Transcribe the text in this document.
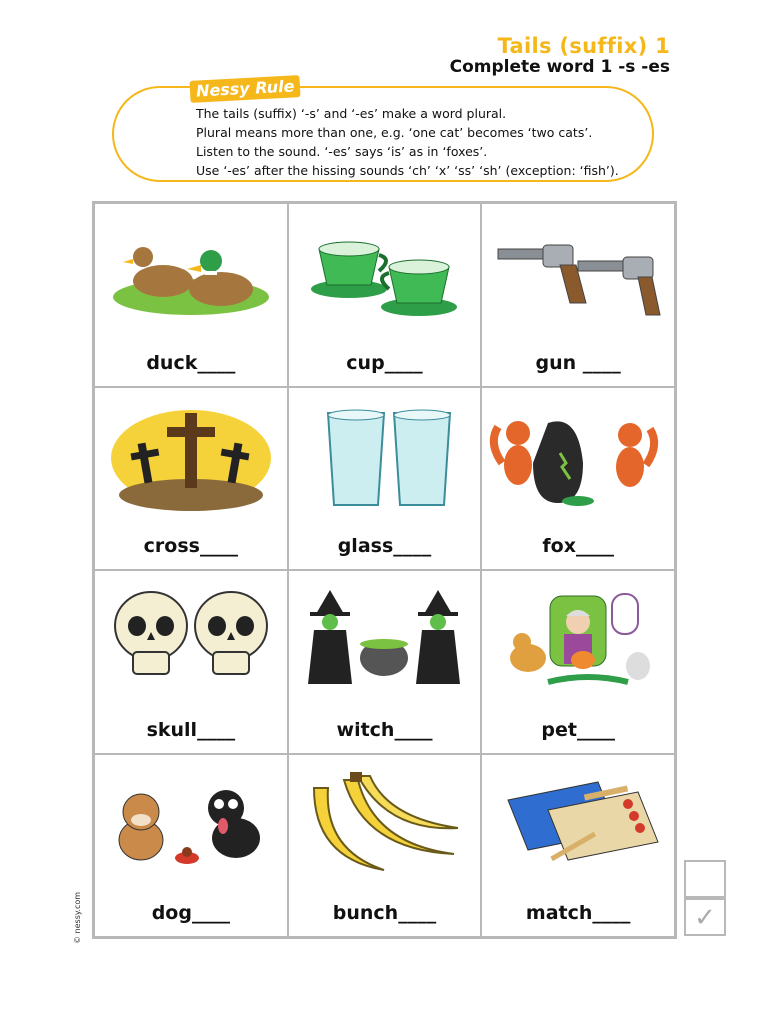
Tails (suffix) 1
Complete word 1 -s -es
Nessy Rule
The tails (suffix) ‘-s’ and ‘-es’ make a word plural.
Plural means more than one, e.g. ‘one cat’ becomes ‘two cats’.
Listen to the sound. ‘-es’ says ‘is’ as in ‘foxes’.
Use ‘-es’ after the hissing sounds ‘ch’ ‘x’ ‘ss’ ‘sh’ (exception: ‘fish’).
duck____	cup____	gun ____
cross____	glass____	fox____
skull____	witch____	pet____
dog____	bunch____	match____	✓
© nessy.com
